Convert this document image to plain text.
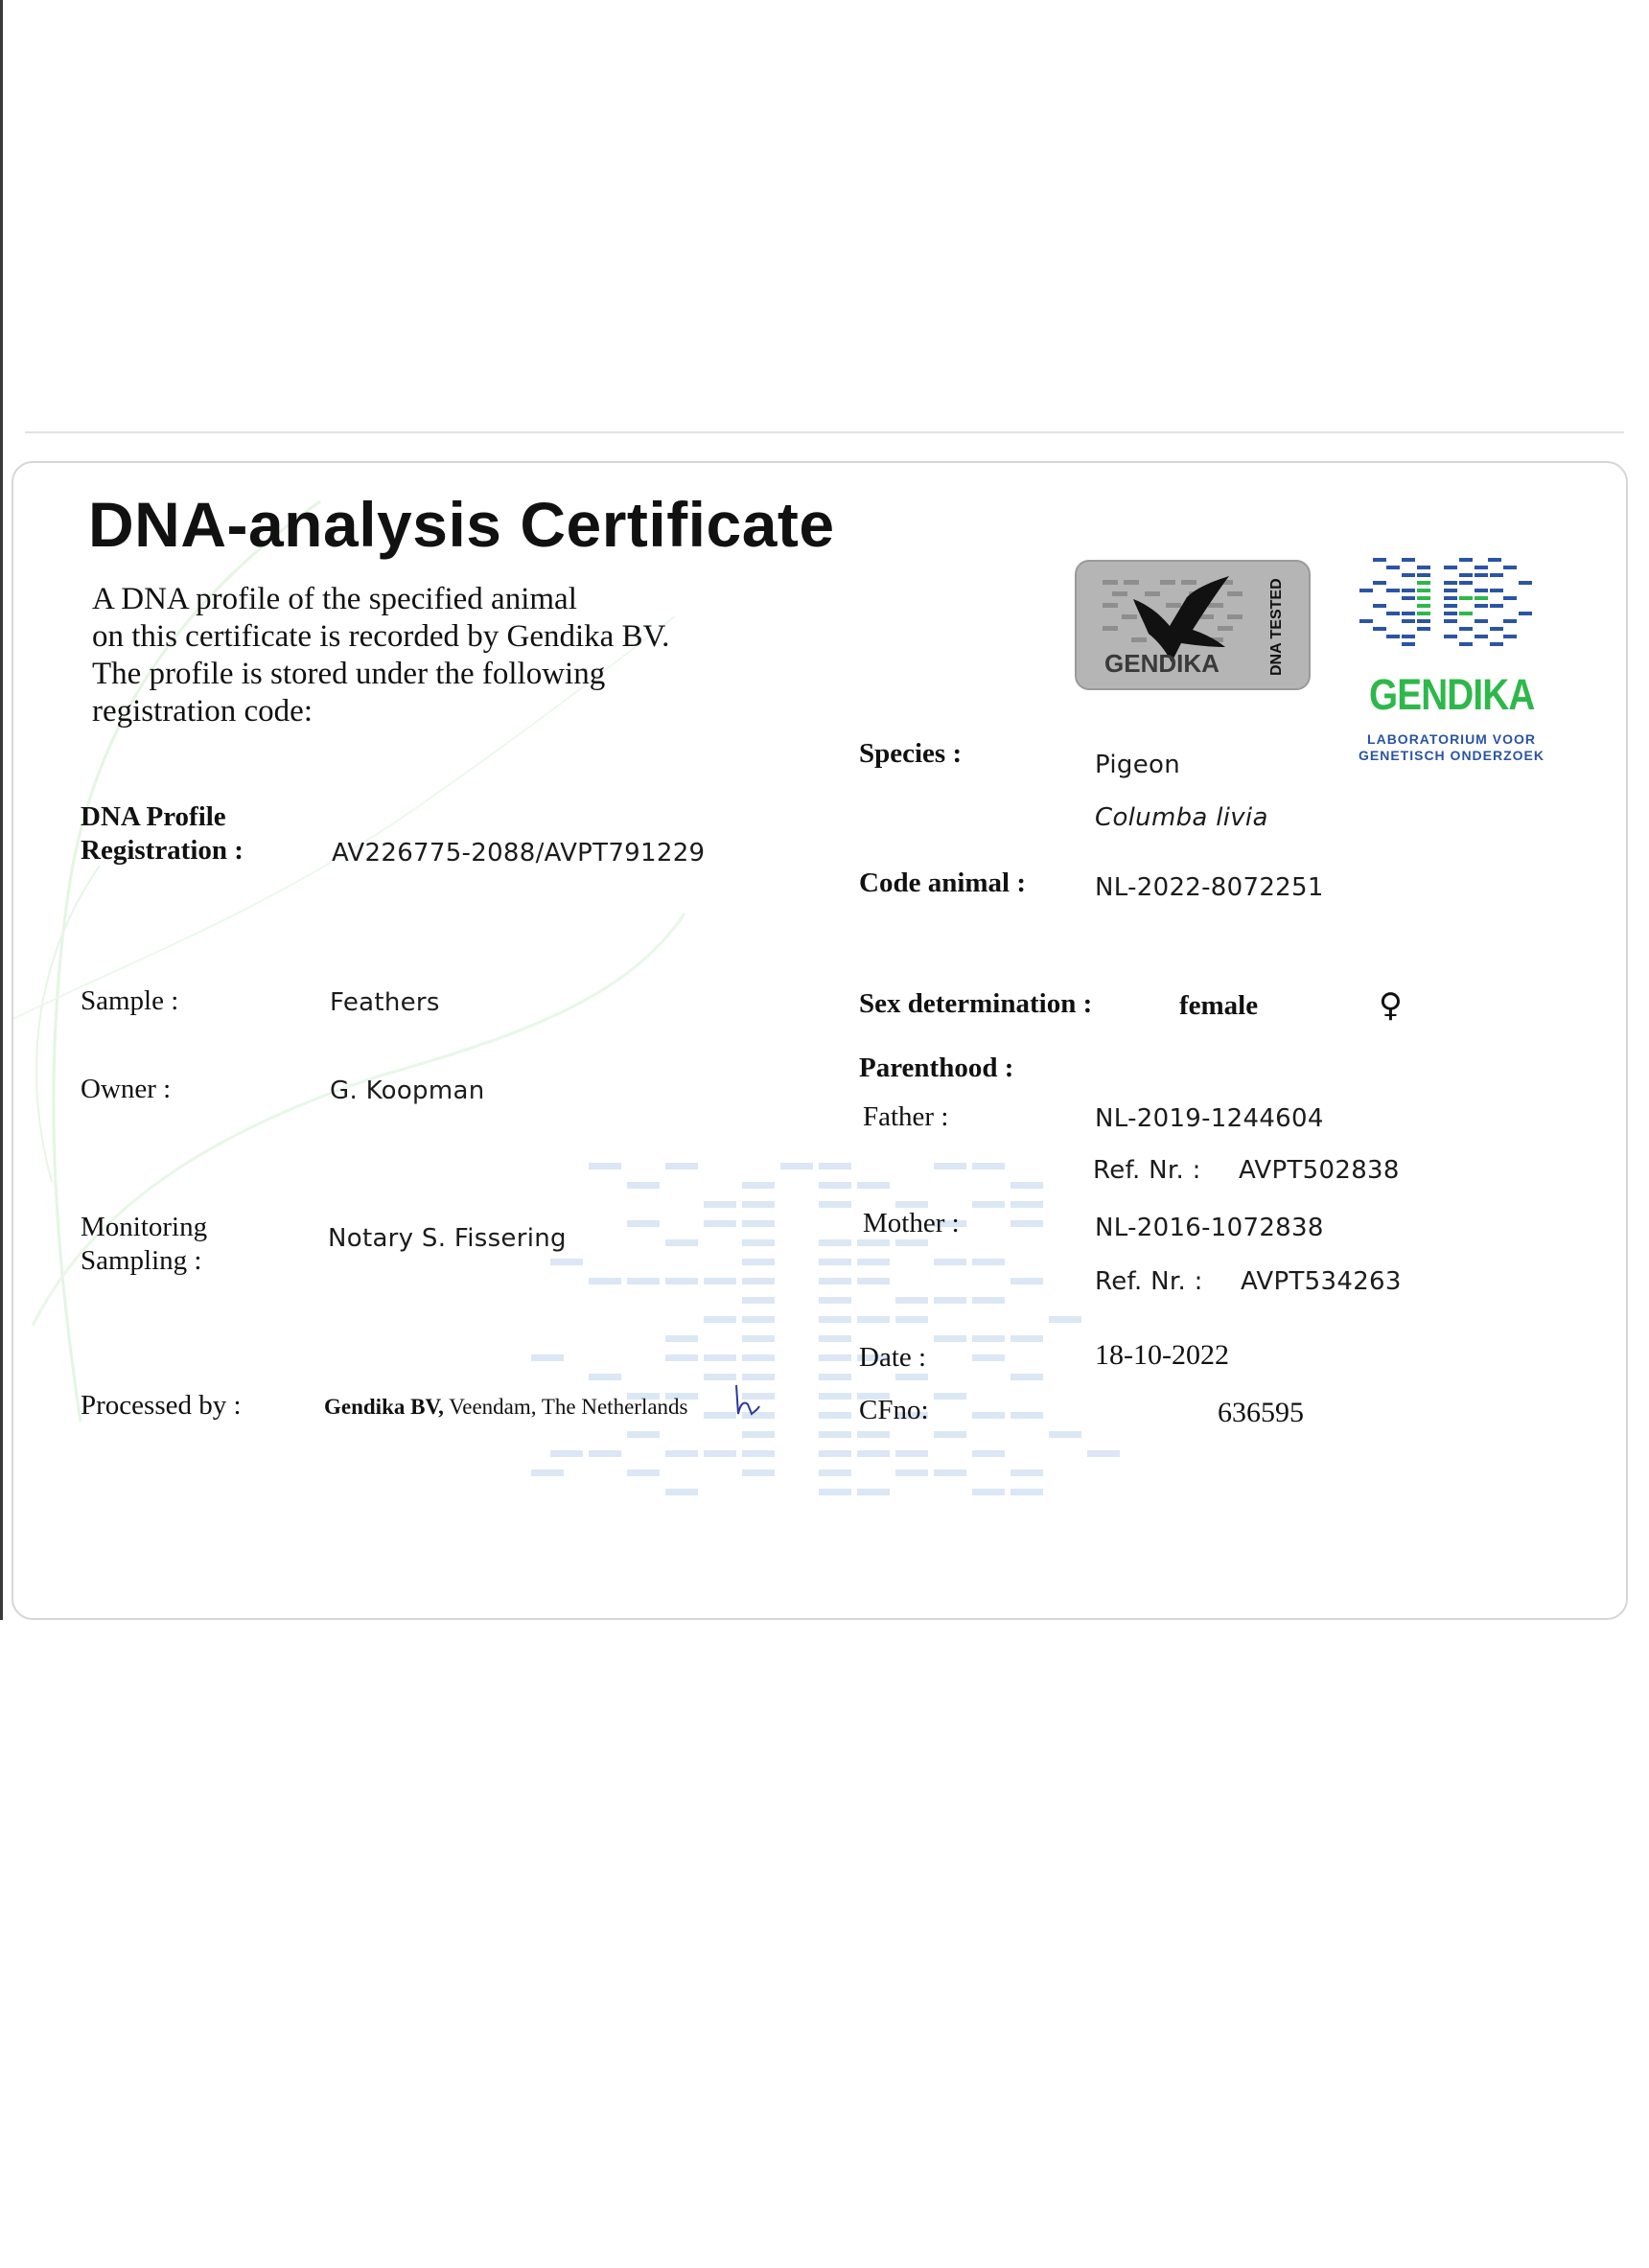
DNA-analysis Certificate
A DNA profile of the specified animal
on this certificate is recorded by Gendika BV.
The profile is stored under the following
registration code:
GENDIKA	DNA TESTED
GENDIKA
LABORATORIUM VOOR
GENETISCH ONDERZOEK
DNA Profile
Registration :	AV226775-2088/AVPT791229
Sample :	Feathers
Owner :	G. Koopman
Monitoring
Sampling :
Notary S. Fissering
Processed by :	Gendika BV, Veendam, The Netherlands
Species :	Pigeon
Columba livia
Code animal :	NL-2022-8072251
Sex determination :	female	♀
Parenthood :
Father :	NL-2019-1244604
Ref. Nr. : AVPT502838
Mother :	NL-2016-1072838
Ref. Nr. : AVPT534263
Date :	18-10-2022
CFno:	636595
